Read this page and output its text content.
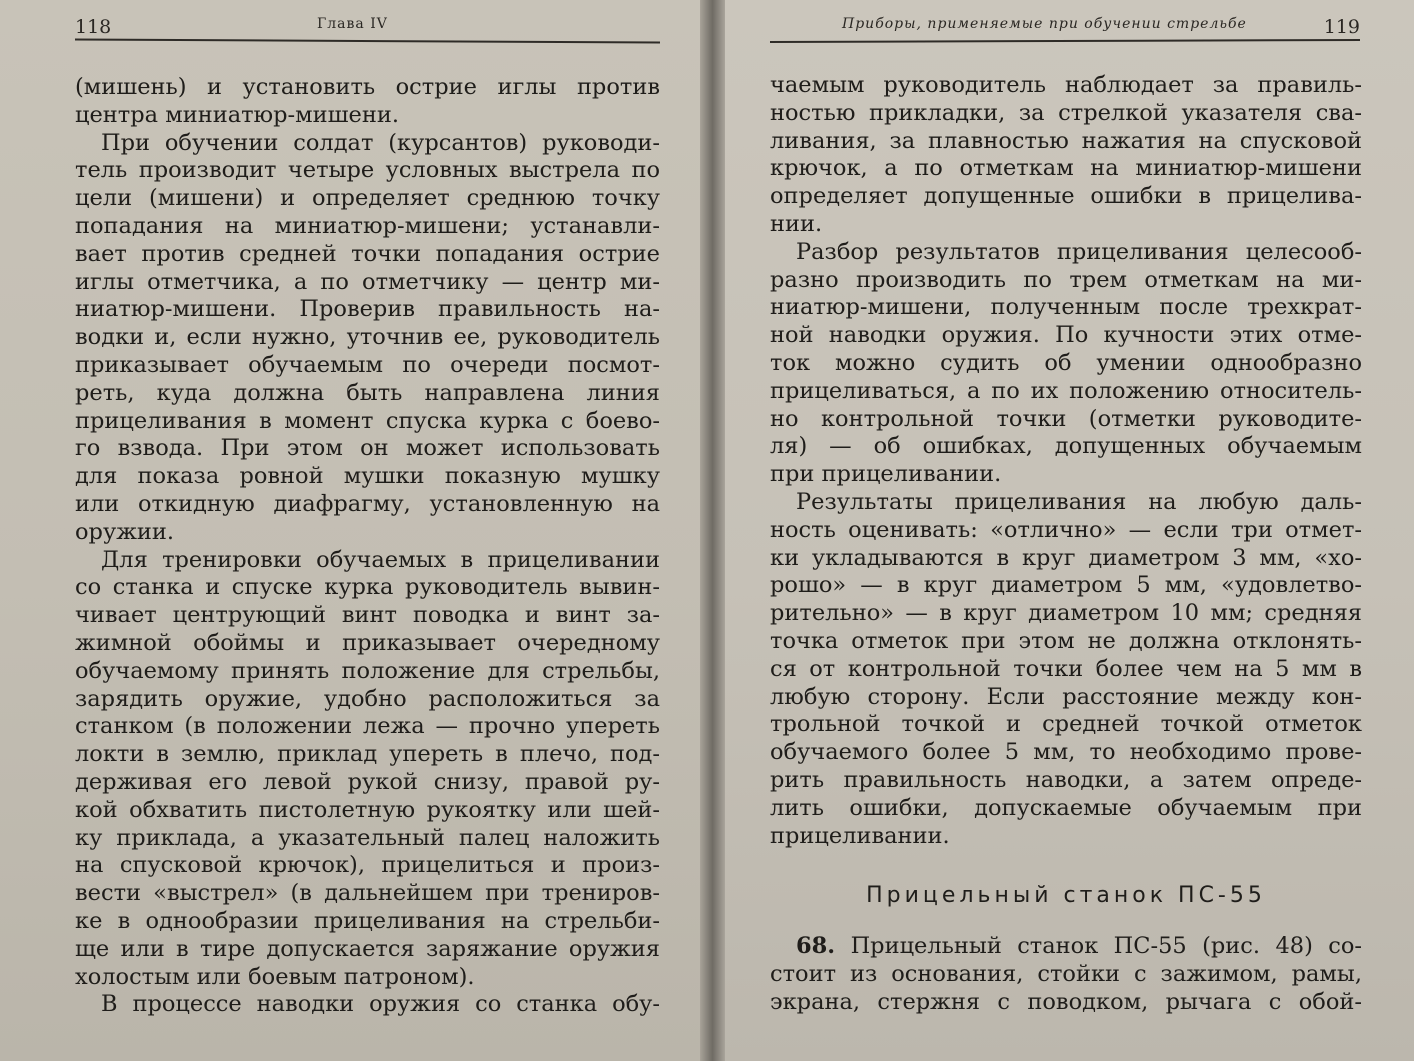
118	Глава IV
(мишень) и установить острие иглы против
центра миниатюр-мишени.
При обучении солдат (курсантов) руководи-
тель производит четыре условных выстрела по
цели (мишени) и определяет среднюю точку
попадания на миниатюр-мишени; устанавли-
вает против средней точки попадания острие
иглы отметчика, а по отметчику — центр ми-
ниатюр-мишени. Проверив правильность на-
водки и, если нужно, уточнив ее, руководитель
приказывает обучаемым по очереди посмот-
реть, куда должна быть направлена линия
прицеливания в момент спуска курка с боево-
го взвода. При этом он может использовать
для показа ровной мушки показную мушку
или откидную диафрагму, установленную на
оружии.
Для тренировки обучаемых в прицеливании
со станка и спуске курка руководитель вывин-
чивает центрующий винт поводка и винт за-
жимной обоймы и приказывает очередному
обучаемому принять положение для стрельбы,
зарядить оружие, удобно расположиться за
станком (в положении лежа — прочно упереть
локти в землю, приклад упереть в плечо, под-
держивая его левой рукой снизу, правой ру-
кой обхватить пистолетную рукоятку или шей-
ку приклада, а указательный палец наложить
на спусковой крючок), прицелиться и произ-
вести «выстрел» (в дальнейшем при трениров-
ке в однообразии прицеливания на стрельби-
ще или в тире допускается заряжание оружия
холостым или боевым патроном).
В процессе наводки оружия со станка обу-
Приборы, применяемые при обучении стрельбе	119
чаемым руководитель наблюдает за правиль-
ностью прикладки, за стрелкой указателя сва-
ливания, за плавностью нажатия на спусковой
крючок, а по отметкам на миниатюр-мишени
определяет допущенные ошибки в прицелива-
нии.
Разбор результатов прицеливания целесооб-
разно производить по трем отметкам на ми-
ниатюр-мишени, полученным после трехкрат-
ной наводки оружия. По кучности этих отме-
ток можно судить об умении однообразно
прицеливаться, а по их положению относитель-
но контрольной точки (отметки руководите-
ля) — об ошибках, допущенных обучаемым
при прицеливании.
Результаты прицеливания на любую даль-
ность оценивать: «отлично» — если три отмет-
ки укладываются в круг диаметром 3 мм, «хо-
рошо» — в круг диаметром 5 мм, «удовлетво-
рительно» — в круг диаметром 10 мм; средняя
точка отметок при этом не должна отклонять-
ся от контрольной точки более чем на 5 мм в
любую сторону. Если расстояние между кон-
трольной точкой и средней точкой отметок
обучаемого более 5 мм, то необходимо прове-
рить правильность наводки, а затем опреде-
лить ошибки, допускаемые обучаемым при
прицеливании.
Прицельный станок ПС-55
68. Прицельный станок ПС-55 (рис. 48) со-
стоит из основания, стойки с зажимом, рамы,
экрана, стержня с поводком, рычага с обой-
